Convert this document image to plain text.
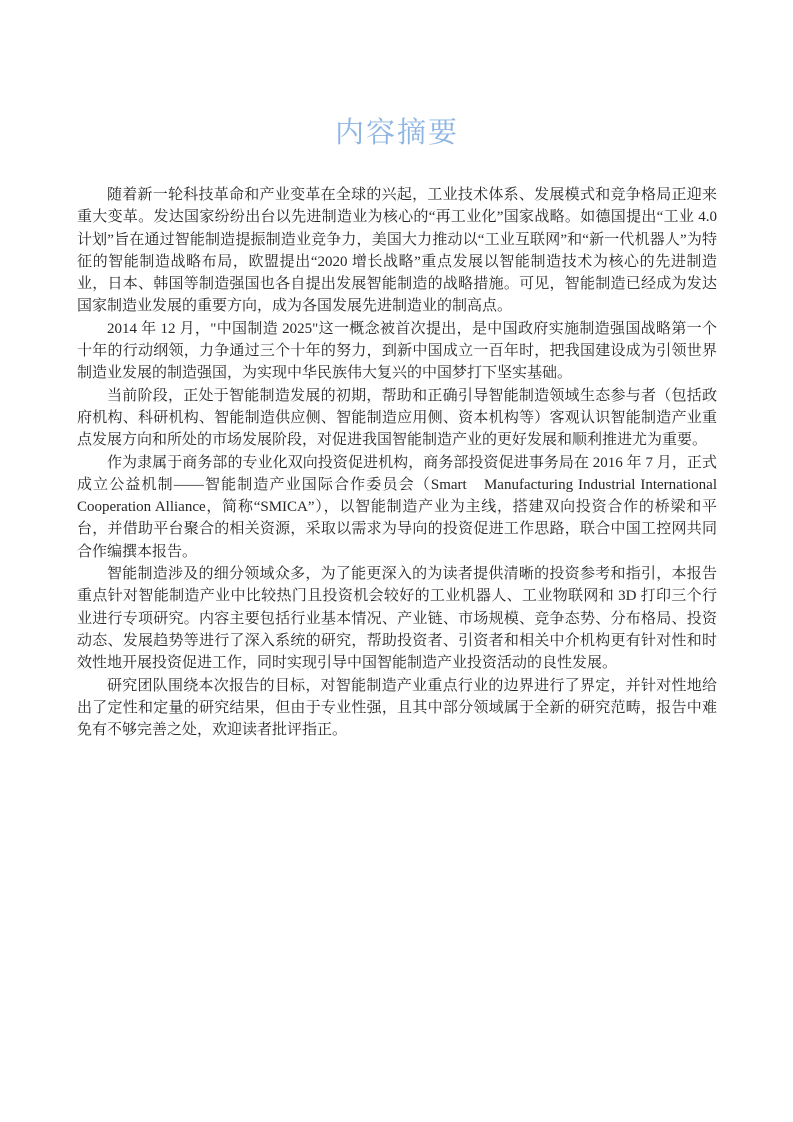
内容摘要

随着新一轮科技革命和产业变革在全球的兴起，工业技术体系、发展模式和竞争格局正迎来重大变革。发达国家纷纷出台以先进制造业为核心的“再工业化”国家战略。如德国提出“工业 4.0 计划”旨在通过智能制造提振制造业竞争力，美国大力推动以“工业互联网”和“新一代机器人”为特征的智能制造战略布局，欧盟提出“2020 增长战略”重点发展以智能制造技术为核心的先进制造业，日本、韩国等制造强国也各自提出发展智能制造的战略措施。可见，智能制造已经成为发达国家制造业发展的重要方向，成为各国发展先进制造业的制高点。

2014 年 12 月，"中国制造 2025"这一概念被首次提出，是中国政府实施制造强国战略第一个十年的行动纲领，力争通过三个十年的努力，到新中国成立一百年时，把我国建设成为引领世界制造业发展的制造强国，为实现中华民族伟大复兴的中国梦打下坚实基础。

当前阶段，正处于智能制造发展的初期，帮助和正确引导智能制造领域生态参与者（包括政 府机构、科研机构、智能制造供应侧、智能制造应用侧、资本机构等）客观认识智能制造产业重点发展方向和所处的市场发展阶段，对促进我国智能制造产业的更好发展和顺利推进尤为重要。

作为隶属于商务部的专业化双向投资促进机构，商务部投资促进事务局在 2016 年 7 月，正式成立公益机制——智能制造产业国际合作委员会（Smart　Manufacturing Industrial International Cooperation Alliance，简称“SMICA”），以智能制造产业为主线，搭建双向投资合作的桥梁和平台，并借助平台聚合的相关资源，采取以需求为导向的投资促进工作思路，联合中国工控网共同合作编撰本报告。

智能制造涉及的细分领域众多，为了能更深入的为读者提供清晰的投资参考和指引，本报告重点针对智能制造产业中比较热门且投资机会较好的工业机器人、工业物联网和 3D 打印三个行业进行专项研究。内容主要包括行业基本情况、产业链、市场规模、竞争态势、分布格局、投资动态、发展趋势等进行了深入系统的研究，帮助投资者、引资者和相关中介机构更有针对性和时效性地开展投资促进工作，同时实现引导中国智能制造产业投资活动的良性发展。

研究团队围绕本次报告的目标，对智能制造产业重点行业的边界进行了界定，并针对性地给出了定性和定量的研究结果，但由于专业性强，且其中部分领域属于全新的研究范畴，报告中难免有不够完善之处，欢迎读者批评指正。
